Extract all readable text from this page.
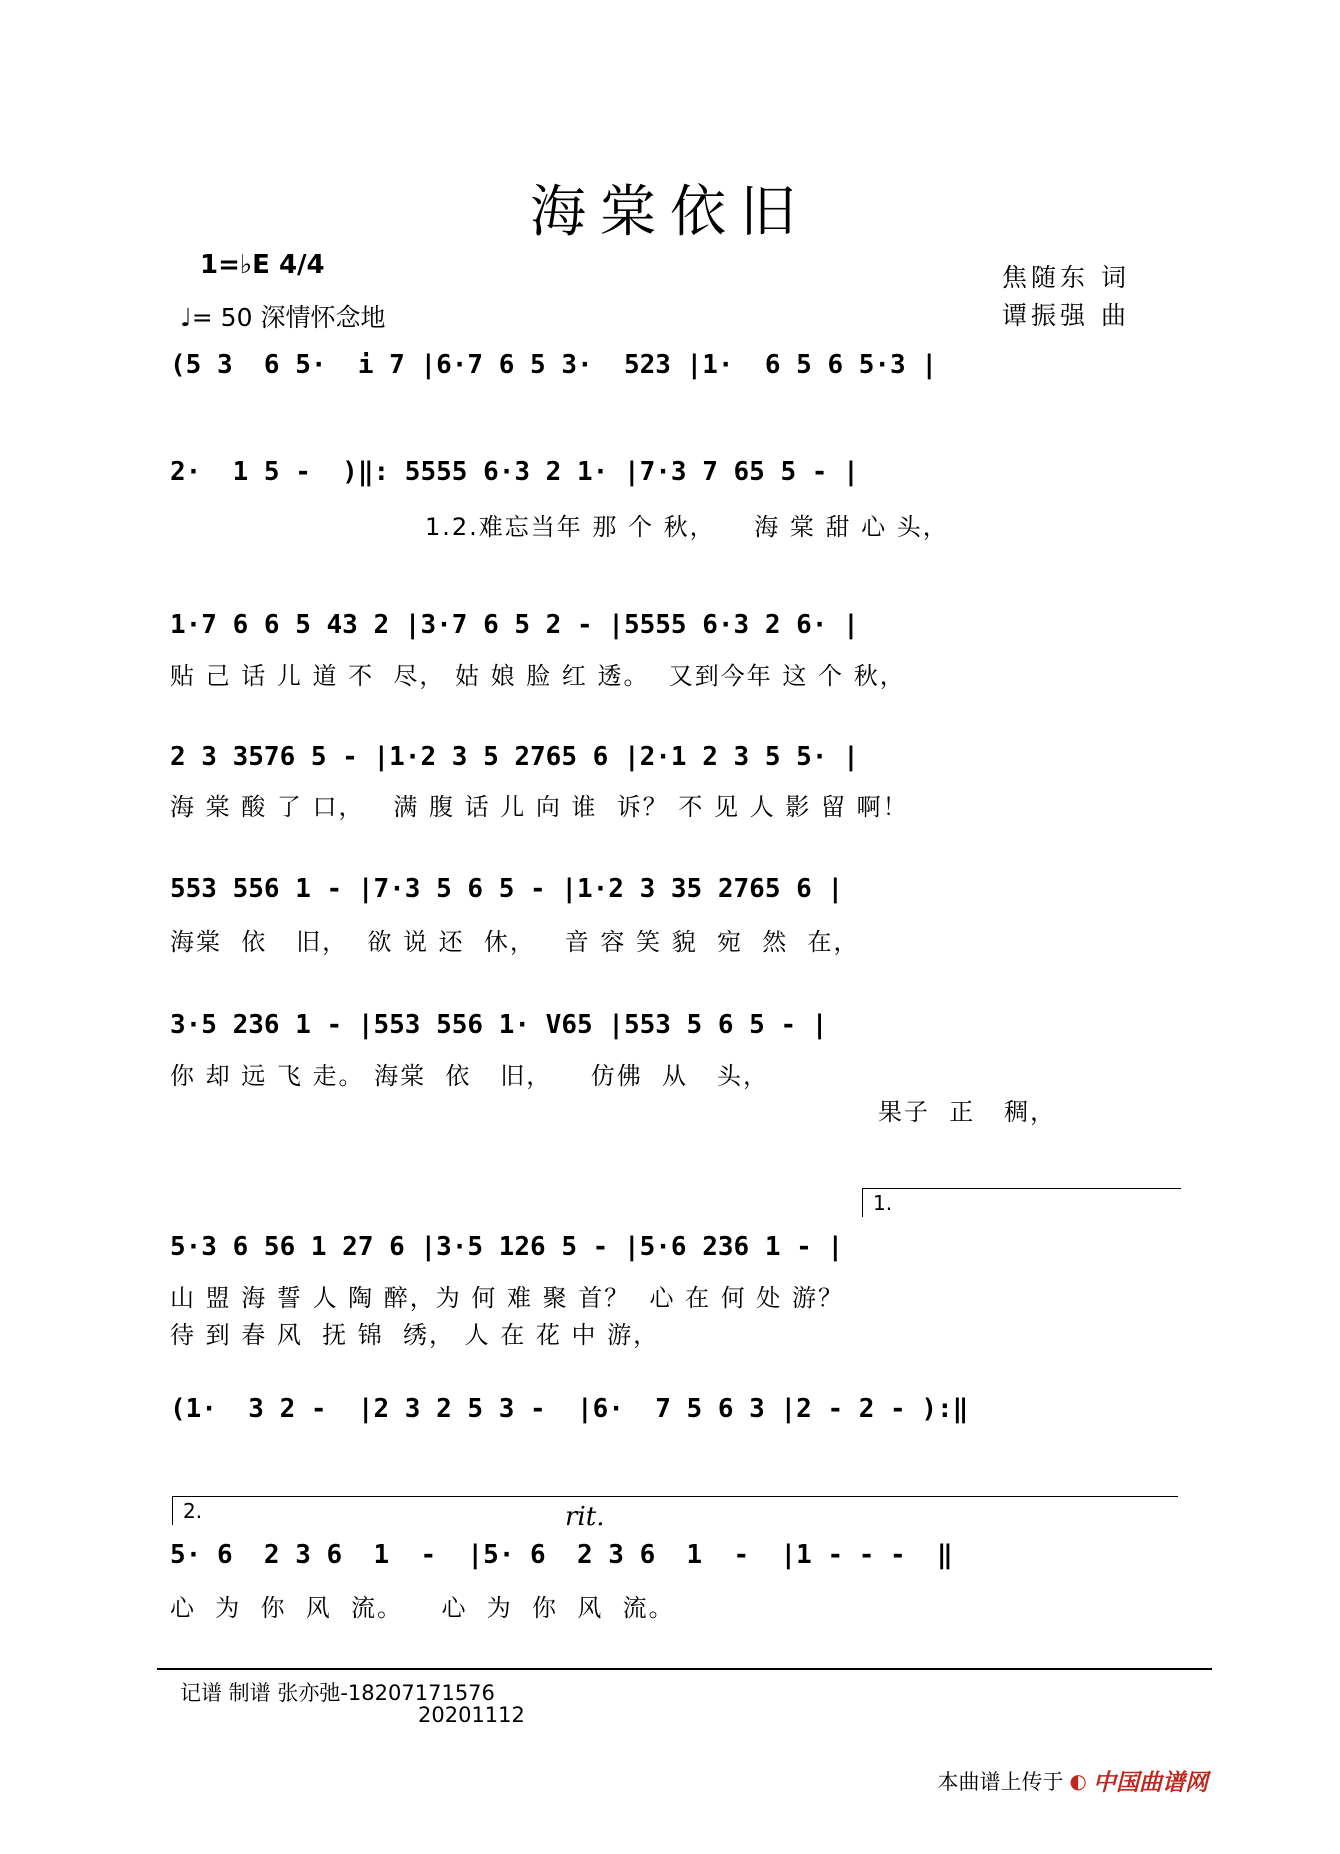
海棠依旧
1=♭E 4/4
♩= 50 深情怀念地
焦随东 词
谭振强 曲
(5 3  6 5·  i 7 |6·7 6 5 3·  523 |1·  6 5 6 5·3 |
2·  1 5 -  )‖: 5555 6·3 2 1· |7·3 7 65 5 - |
1.2.难忘当年 那 个 秋，    海 棠 甜 心 头，
1·7 6 6 5 43 2 |3·7 6 5 2 - |5555 6·3 2 6· |
贴 己 话 儿 道 不  尽， 姑 娘 脸 红 透。  又到今年 这 个 秋，
2 3 3576 5 - |1·2 3 5 2765 6 |2·1 2 3 5 5· |
海 棠 酸 了 口，   满 腹 话 儿 向 谁  诉？ 不 见 人 影 留 啊！
553 556 1 - |7·3 5 6 5 - |1·2 3 35 2765 6 |
海棠  依   旧，  欲 说 还  休，   音 容 笑 貌  宛  然  在，
3·5 236 1 - |553 556 1· V65 |553 5 6 5 - |
你 却 远 飞 走。 海棠  依   旧，    仿佛  从   头，
果子  正   稠，
1.
5·3 6 56 1 27 6 |3·5 126 5 - |5·6 236 1 - |
山 盟 海 誓 人 陶 醉，为 何 难 聚 首？  心 在 何 处 游？
待 到 春 风  抚 锦  绣， 人 在 花 中 游，
(1·  3 2 -  |2 3 2 5 3 -  |6·  7 5 6 3 |2 - 2 - ):‖
2.	rit.
5· 6  2 3 6  1  -  |5· 6  2 3 6  1  -  |1 - - -  ‖
心  为  你  风  流。    心  为  你  风  流。
记谱 制谱 张亦弛-18207171576
20201112
本曲谱上传于 ◐ 中国曲谱网
